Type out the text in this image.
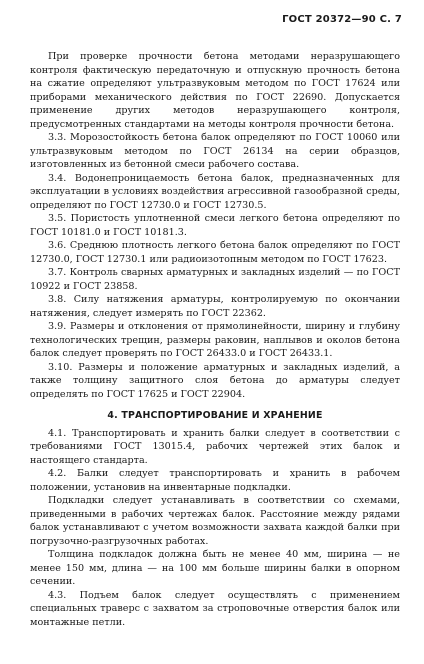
ГОСТ 20372—90 С. 7

При проверке прочности бетона методами неразрушающего контроля фактическую передаточную и отпускную прочность бетона на сжатие определяют ультразвуковым методом по ГОСТ 17624 или приборами механического действия по ГОСТ 22690. Допускается применение других методов неразрушающего контроля, предусмотренных стандартами на методы контроля прочности бетона.

3.3. Морозостойкость бетона балок определяют по ГОСТ 10060 или ультразвуковым методом по ГОСТ 26134 на серии образцов, изготовленных из бетонной смеси рабочего состава.

3.4. Водонепроницаемость бетона балок, предназначенных для эксплуатации в условиях воздействия агрессивной газообразной среды, определяют по ГОСТ 12730.0 и ГОСТ 12730.5.

3.5. Пористость уплотненной смеси легкого бетона определяют по ГОСТ 10181.0 и ГОСТ 10181.3.

3.6. Среднюю плотность легкого бетона балок определяют по ГОСТ 12730.0, ГОСТ 12730.1 или радиоизотопным методом по ГОСТ 17623.

3.7. Контроль сварных арматурных и закладных изделий — по ГОСТ 10922 и ГОСТ 23858.

3.8. Силу натяжения арматуры, контролируемую по окончании натяжения, следует измерять по ГОСТ 22362.

3.9. Размеры и отклонения от прямолинейности, ширину и глубину технологических трещин, размеры раковин, наплывов и околов бетона балок следует проверять по ГОСТ 26433.0 и ГОСТ 26433.1.

3.10. Размеры и положение арматурных и закладных изделий, а также толщину защитного слоя бетона до арматуры следует определять по ГОСТ 17625 и ГОСТ 22904.

4. ТРАНСПОРТИРОВАНИЕ И ХРАНЕНИЕ

4.1. Транспортировать и хранить балки следует в соответствии с требованиями ГОСТ 13015.4, рабочих чертежей этих балок и настоящего стандарта.

4.2. Балки следует транспортировать и хранить в рабочем положении, установив на инвентарные подкладки.

Подкладки следует устанавливать в соответствии со схемами, приведенными в рабочих чертежах балок. Расстояние между рядами балок устанавливают с учетом возможности захвата каждой балки при погрузочно-разгрузочных работах.

Толщина подкладок должна быть не менее 40 мм, ширина — не менее 150 мм, длина — на 100 мм больше ширины балки в опорном сечении.

4.3. Подъем балок следует осуществлять с применением специальных траверс с захватом за строповочные отверстия балок или монтажные петли.
